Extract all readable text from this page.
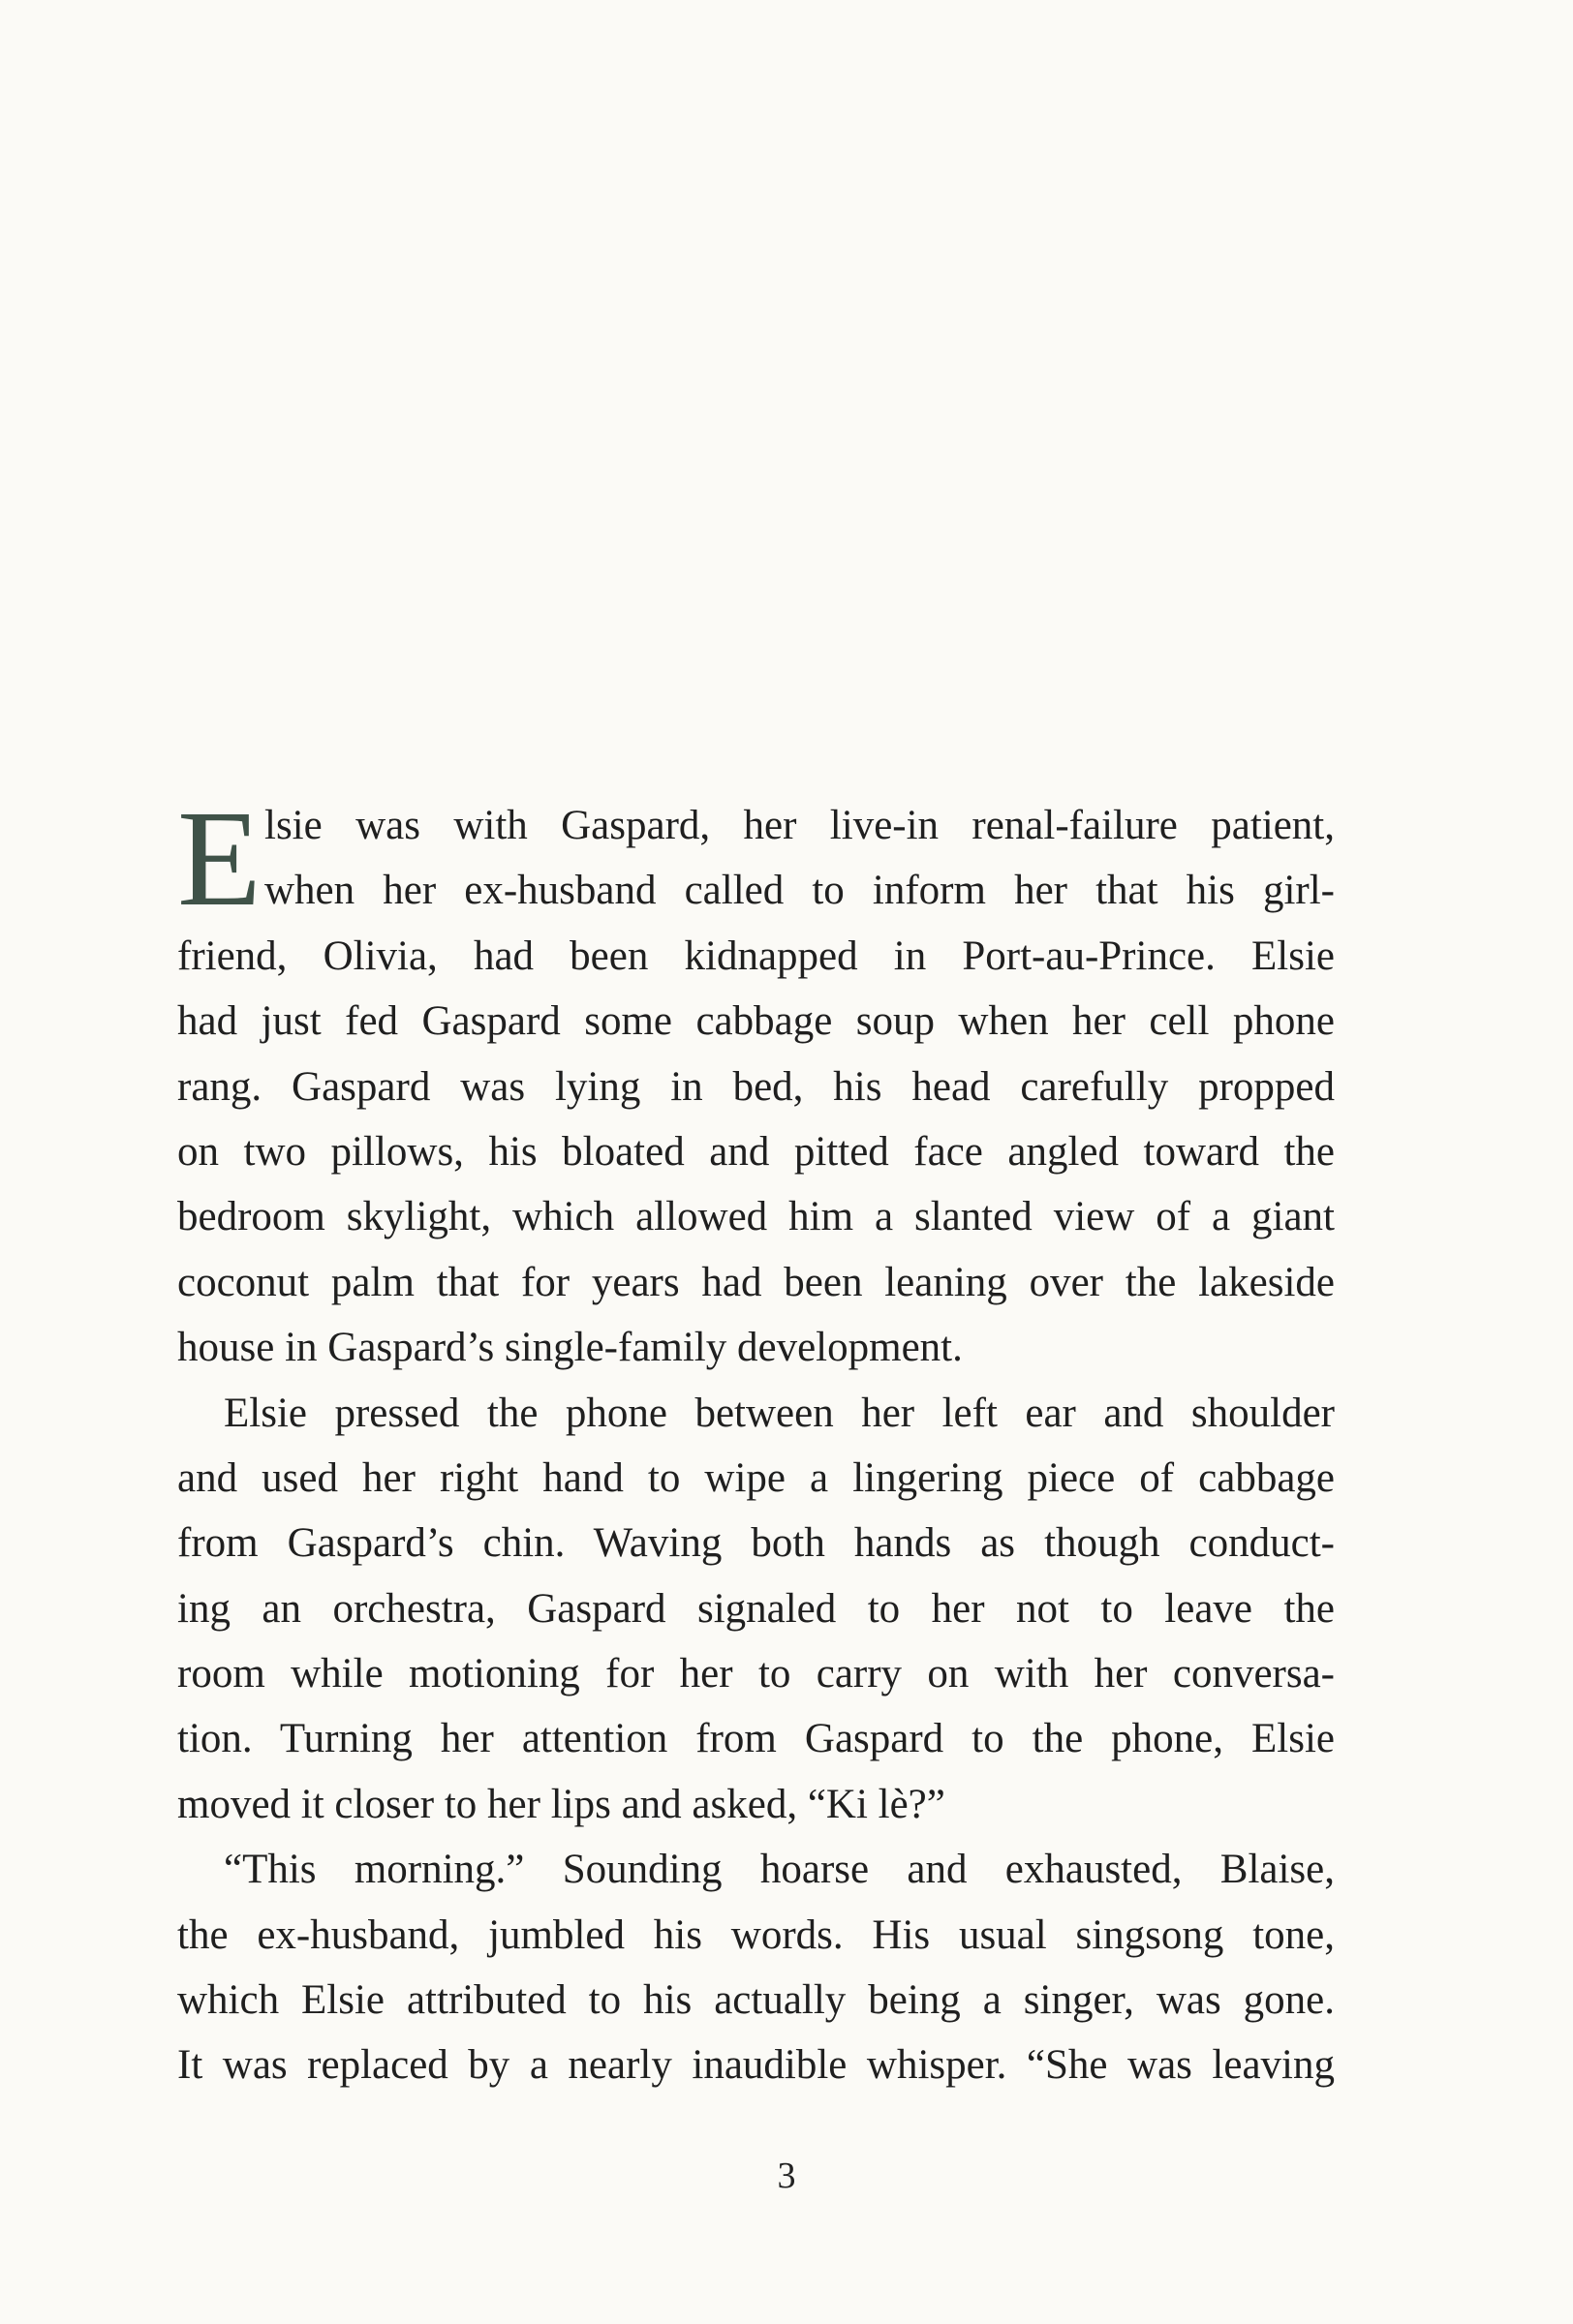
E lsie was with Gaspard, her live-in renal-failure patient,
when her ex-husband called to inform her that his girl-
friend, Olivia, had been kidnapped in Port-au-Prince. Elsie
had just fed Gaspard some cabbage soup when her cell phone
rang. Gaspard was lying in bed, his head carefully propped
on two pillows, his bloated and pitted face angled toward the
bedroom skylight, which allowed him a slanted view of a giant
coconut palm that for years had been leaning over the lakeside
house in Gaspard’s single-family development.
Elsie pressed the phone between her left ear and shoulder
and used her right hand to wipe a lingering piece of cabbage
from Gaspard’s chin. Waving both hands as though conduct-
ing an orchestra, Gaspard signaled to her not to leave the
room while motioning for her to carry on with her conversa-
tion. Turning her attention from Gaspard to the phone, Elsie
moved it closer to her lips and asked, “Ki lè?”
“This morning.” Sounding hoarse and exhausted, Blaise,
the ex-husband, jumbled his words. His usual singsong tone,
which Elsie attributed to his actually being a singer, was gone.
It was replaced by a nearly inaudible whisper. “She was leaving
3
